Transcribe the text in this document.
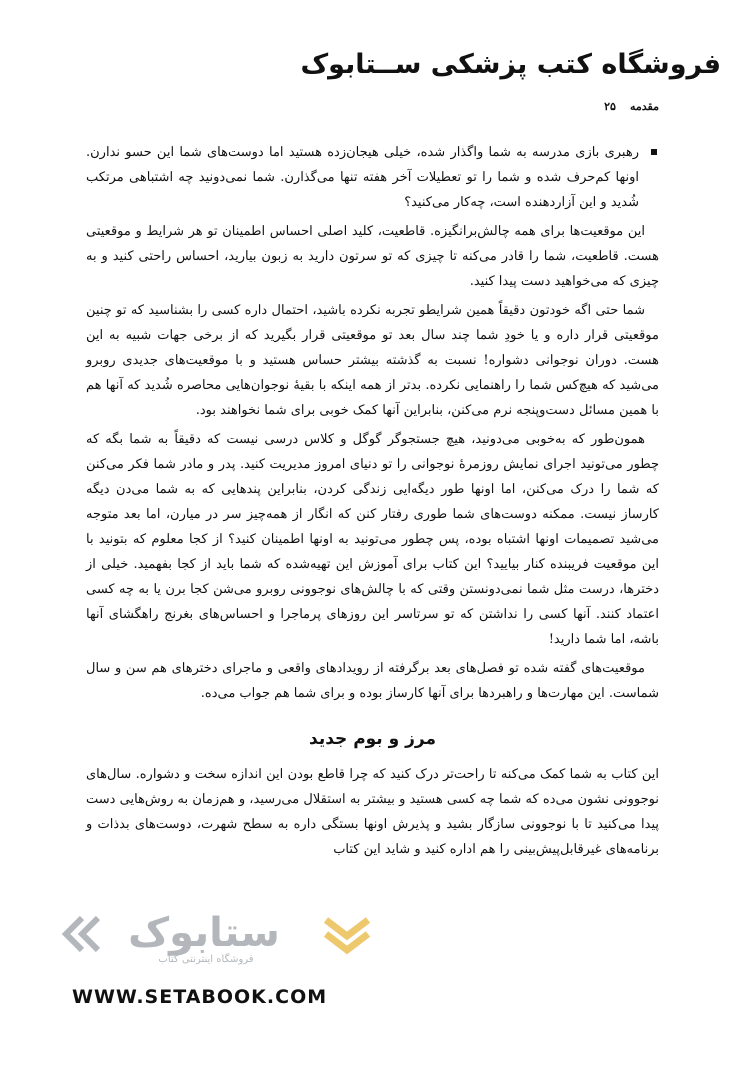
فروشگاه کتب پزشکی ســتابوک
مقدمه
۲۵

رهبری بازی مدرسه به شما واگذار شده، خیلی هیجان‌زده هستید اما دوست‌های شما این حسو ندارن. اونها کم‌حرف شده و شما را تو تعطیلات آخر هفته تنها می‌گذارن. شما نمی‌دونید چه اشتباهی مرتکب شُدید و این آزاردهنده است، چه‌کار می‌کنید؟

این موقعیت‌ها برای همه چالش‌برانگیزه. قاطعیت، کلید اصلی احساس اطمینان تو هر شرایط و موقعیتی هست. قاطعیت، شما را قادر می‌کنه تا چیزی که تو سرتون دارید به زبون بیارید، احساس راحتی کنید و به چیزی که می‌خواهید دست پیدا کنید.

شما حتی اگه خودتون دقیقاً همین شرایطو تجربه نکرده باشید، احتمال داره کسی را بشناسید که تو چنین موقعیتی قرار داره و یا خودِ شما چند سال بعد تو موقعیتی قرار بگیرید که از برخی جهات شبیه به این هست. دوران نوجوانی دشواره! نسبت به گذشته بیشتر حساس هستید و با موقعیت‌های جدیدی روبرو می‌شید که هیچ‌کس شما را راهنمایی نکرده. بدتر از همه اینکه با بقیهٔ نوجوان‌هایی محاصره شُدید که آنها هم با همین مسائل دست‌وپنجه نرم می‌کنن، بنابراین آنها کمک خوبی برای شما نخواهند بود.

همون‌طور که به‌خوبی می‌دونید، هیچ جستجوگر گوگل و کلاس درسی نیست که دقیقاً به شما بگه که چطور می‌تونید اجرای نمایش روزمرهٔ نوجوانی را تو دنیای امروز مدیریت کنید. پدر و مادر شما فکر می‌کنن که شما را درک می‌کنن، اما اونها طور دیگه‌ایی زندگی کردن، بنابراین پندهایی که به شما می‌دن دیگه کارساز نیست. ممکنه دوست‌های شما طوری رفتار کنن که انگار از همه‌چیز سر در میارن، اما بعد متوجه می‌شید تصمیمات اونها اشتباه بوده، پس چطور می‌تونید به اونها اطمینان کنید؟ از کجا معلوم که بتونید با این موقعیت فریبنده کنار بیایید؟ این کتاب برای آموزش این تهیه‌شده که شما باید از کجا بفهمید. خیلی از دخترها، درست مثل شما نمی‌دونستن وقتی که با چالش‌های نوجوونی روبرو می‌شن کجا برن یا به چه کسی اعتماد کنند. آنها کسی را نداشتن که تو سرتاسر این روزهای پرماجرا و احساس‌های بغرنج راهگشای آنها باشه، اما شما دارید!

موقعیت‌های گفته شده تو فصل‌های بعد برگرفته از رویدادهای واقعی و ماجرای دخترهای هم سن و سال شماست. این مهارت‌ها و راهبردها برای آنها کارساز بوده و برای شما هم جواب می‌ده.

مرز و بوم جدید

این کتاب به شما کمک می‌کنه تا راحت‌تر درک کنید که چرا قاطع بودن این اندازه سخت و دشواره. سال‌های نوجوونی نشون می‌ده که شما چه کسی هستید و بیشتر به استقلال می‌رسید، و هم‌زمان به روش‌هایی دست پیدا می‌کنید تا با نوجوونی سازگار بشید و پذیرش اونها بستگی داره به سطح شهرت، دوست‌های بدذات و برنامه‌های غیرقابل‌پیش‌بینی را هم اداره کنید و شاید این کتاب

ستابوک
فروشگاه اینترنتی کتاب
WWW.SETABOOK.COM
